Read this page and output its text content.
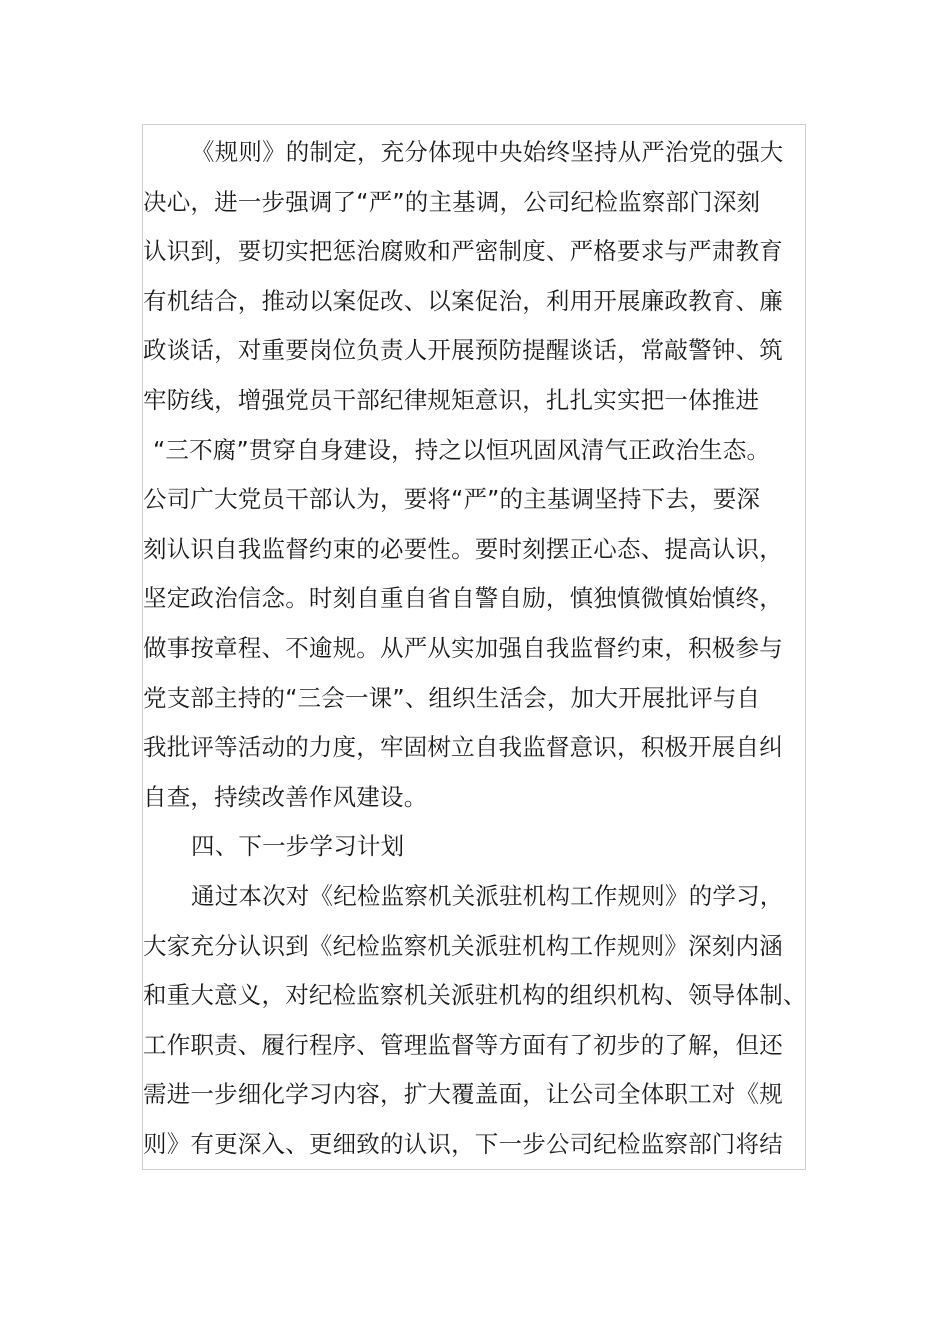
《规则》的制定，充分体现中央始终坚持从严治党的强大
决心，进一步强调了“严”的主基调，公司纪检监察部门深刻
认识到，要切实把惩治腐败和严密制度、严格要求与严肃教育
有机结合，推动以案促改、以案促治，利用开展廉政教育、廉
政谈话，对重要岗位负责人开展预防提醒谈话，常敲警钟、筑
牢防线，增强党员干部纪律规矩意识，扎扎实实把一体推进
“三不腐”贯穿自身建设，持之以恒巩固风清气正政治生态。
公司广大党员干部认为，要将“严”的主基调坚持下去，要深
刻认识自我监督约束的必要性。要时刻摆正心态、提高认识，
坚定政治信念。时刻自重自省自警自励，慎独慎微慎始慎终，
做事按章程、不逾规。从严从实加强自我监督约束，积极参与
党支部主持的“三会一课”、组织生活会，加大开展批评与自
我批评等活动的力度，牢固树立自我监督意识，积极开展自纠
自查，持续改善作风建设。
四、下一步学习计划
通过本次对《纪检监察机关派驻机构工作规则》的学习，
大家充分认识到《纪检监察机关派驻机构工作规则》深刻内涵
和重大意义，对纪检监察机关派驻机构的组织机构、领导体制、
工作职责、履行程序、管理监督等方面有了初步的了解，但还
需进一步细化学习内容，扩大覆盖面，让公司全体职工对《规
则》有更深入、更细致的认识，下一步公司纪检监察部门将结
